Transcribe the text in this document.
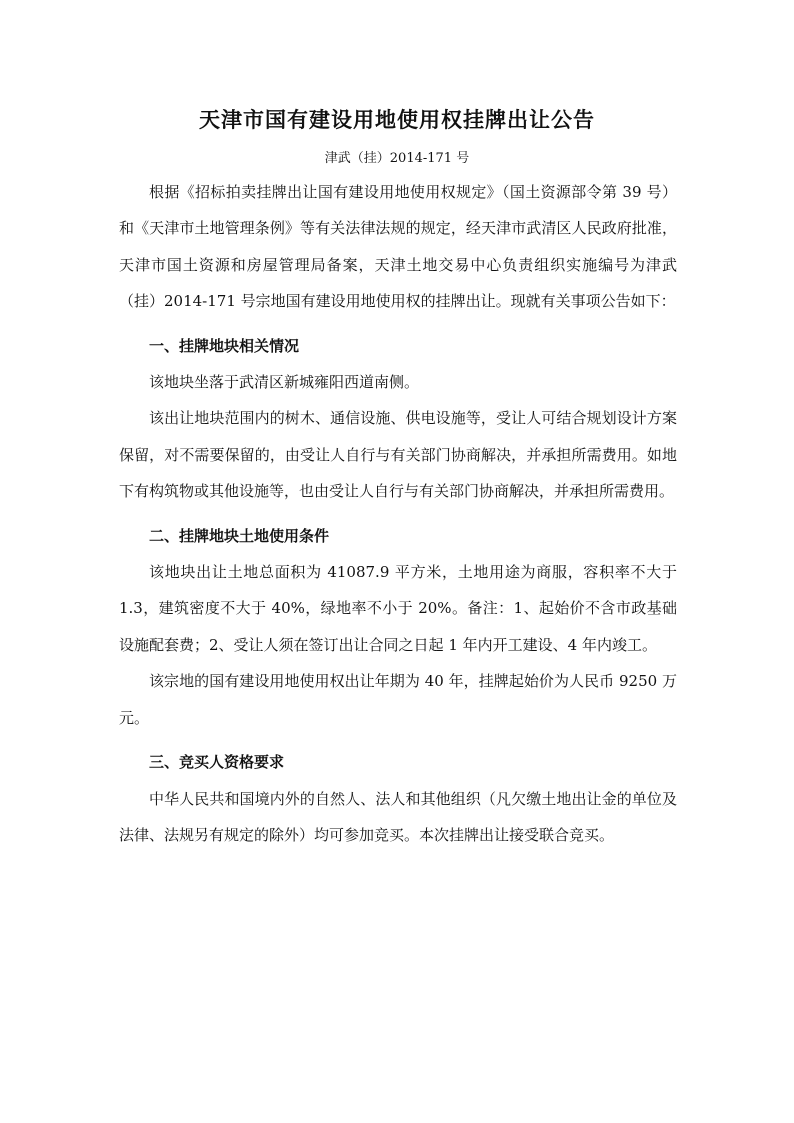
天津市国有建设用地使用权挂牌出让公告
津武（挂）2014-171 号

根据《招标拍卖挂牌出让国有建设用地使用权规定》（国土资源部令第 39 号）和《天津市土地管理条例》等有关法律法规的规定，经天津市武清区人民政府批准，天津市国土资源和房屋管理局备案，天津土地交易中心负责组织实施编号为津武（挂）2014-171 号宗地国有建设用地使用权的挂牌出让。现就有关事项公告如下：

一、挂牌地块相关情况

该地块坐落于武清区新城雍阳西道南侧。

该出让地块范围内的树木、通信设施、供电设施等，受让人可结合规划设计方案保留，对不需要保留的，由受让人自行与有关部门协商解决，并承担所需费用。如地下有构筑物或其他设施等，也由受让人自行与有关部门协商解决，并承担所需费用。

二、挂牌地块土地使用条件

该地块出让土地总面积为 41087.9 平方米，土地用途为商服，容积率不大于 1.3，建筑密度不大于 40%，绿地率不小于 20%。备注：1、起始价不含市政基础设施配套费；2、受让人须在签订出让合同之日起 1 年内开工建设、4 年内竣工。

该宗地的国有建设用地使用权出让年期为 40 年，挂牌起始价为人民币 9250 万元。

三、竞买人资格要求

中华人民共和国境内外的自然人、法人和其他组织（凡欠缴土地出让金的单位及法律、法规另有规定的除外）均可参加竞买。本次挂牌出让接受联合竞买。
